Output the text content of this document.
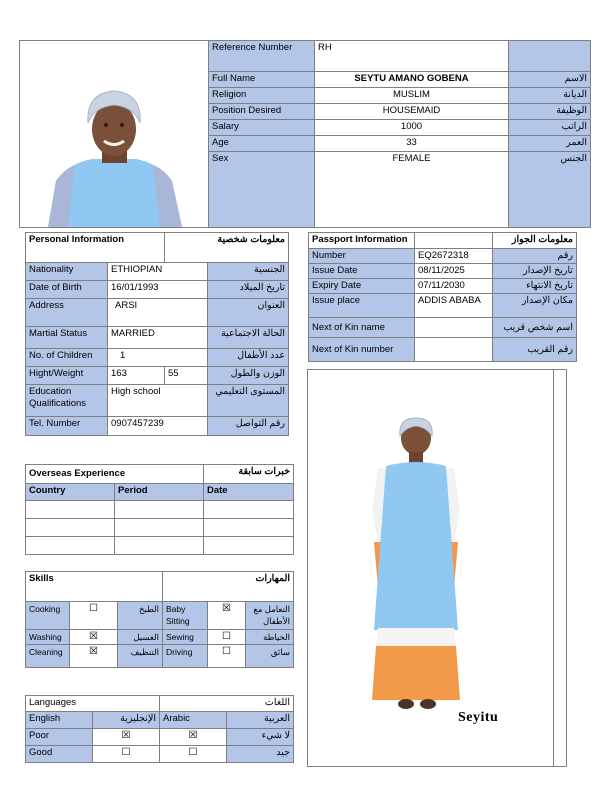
Reference Number	RH	
Full Name	SEYTU AMANO GOBENA	الاسم
Religion	MUSLIM	الديانة
Position Desired	HOUSEMAID	الوظيفة
Salary	1000	الراتب
Age	33	العمر
Sex	FEMALE	الجنس
Personal Information		معلومات شخصية	
Nationality	ETHIOPIAN		الجنسية
Date of Birth	16/01/1993		تاريخ الميلاد
Address	ARSI		العنوان
Martial Status	MARRIED		الحالة الاجتماعية
No. of Children	1		عدد الأطفال
Hight/Weight	163	55	الوزن والطول
Education Qualifications	High school		المستوى التعليمي
Tel. Number	0907457239		رقم التواصل
Passport Information		معلومات الجواز
Number	EQ2672318	رقم
Issue Date	08/11/2025	تاريخ الإصدار
Expiry Date	07/11/2030	تاريخ الانتهاء
Issue place	ADDIS ABABA	مكان الإصدار
Next of Kin name		اسم شخص قريب
Next of Kin number		رقم القريب
Seyitu
Overseas Experience		خبرات سابقة
Country	Period	Date

Skills			المهارات		
Cooking	☐	الطبخ	Baby Sitting	☒	التعامل مع الأطفال
Washing	☒	الغسيل	Sewing	☐	الخياطة
Cleaning	☒	التنظيف	Driving	☐	سائق
Languages		اللغات	
English	الإنجليزية	Arabic	العربية
Poor	☒	☒	لا شيء
Good	☐	☐	جيد
